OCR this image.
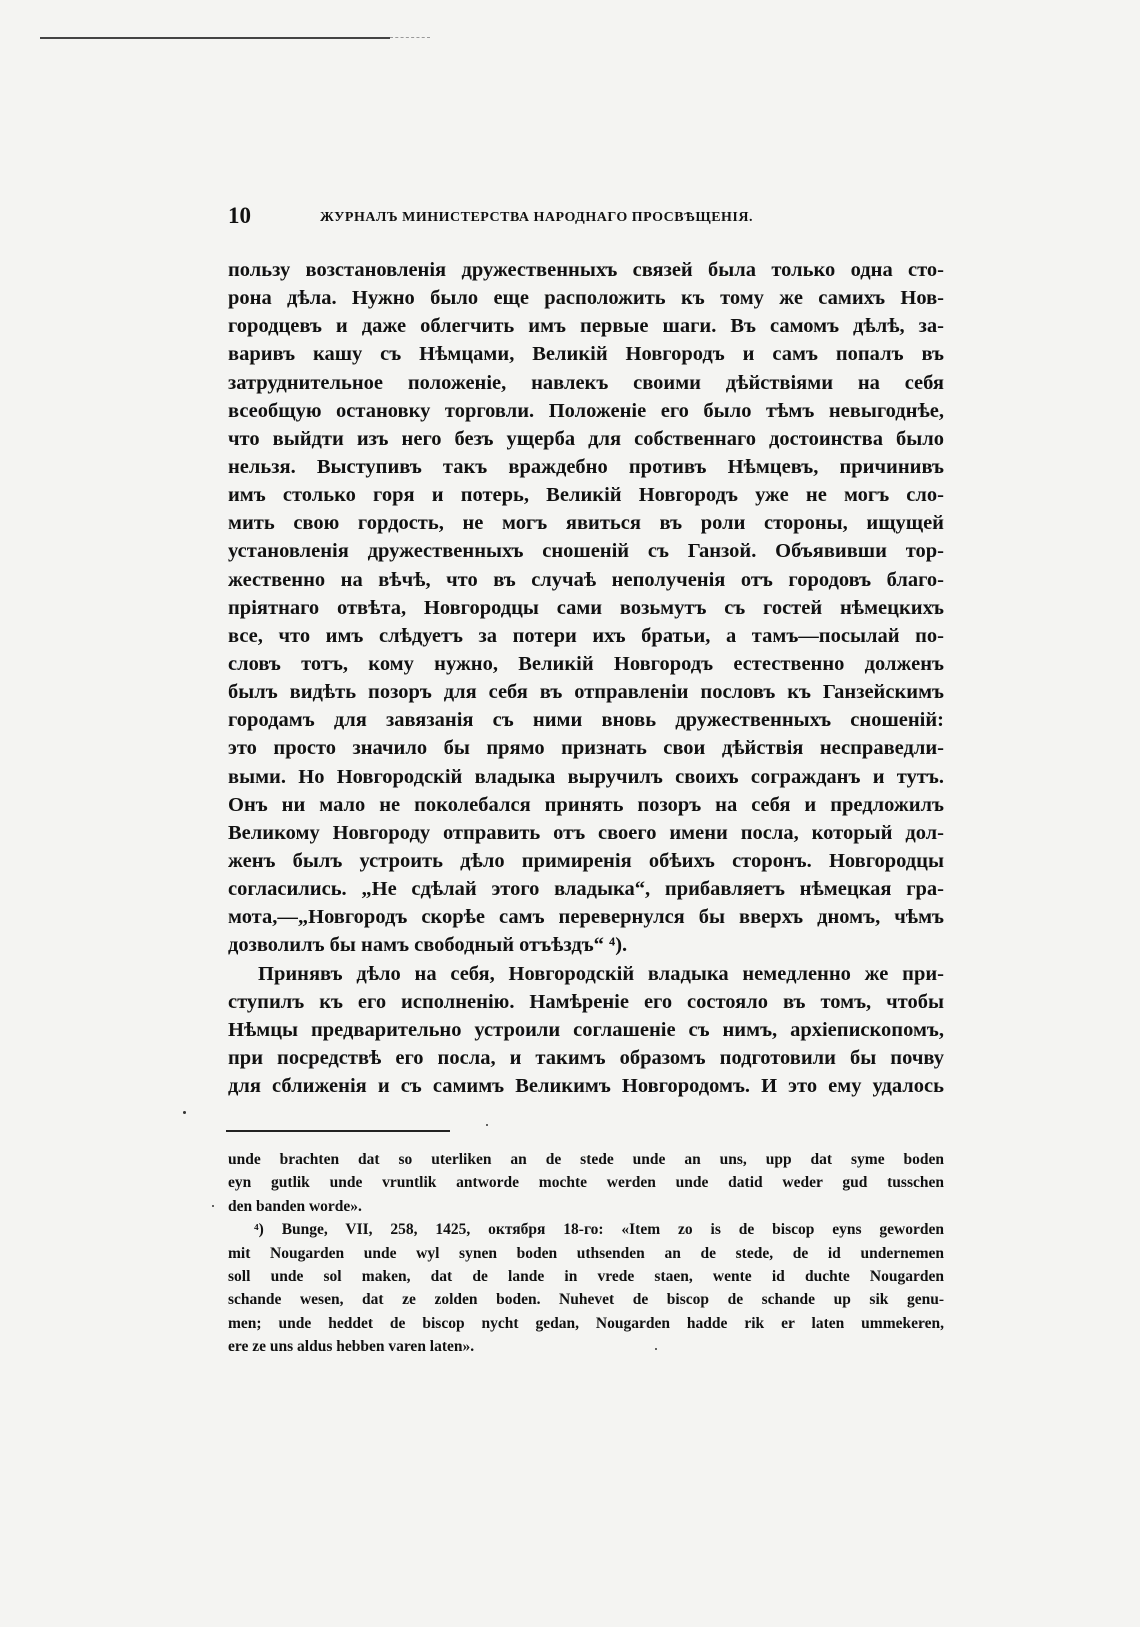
10	ЖУРНАЛЪ МИНИСТЕРСТВА НАРОДНАГО ПРОСВѢЩЕНІЯ.
пользу возстановленія дружественныхъ связей была только одна сто-
рона дѣла. Нужно было еще расположить къ тому же самихъ Нов-
городцевъ и даже облегчить имъ первые шаги. Въ самомъ дѣлѣ, за-
варивъ кашу съ Нѣмцами, Великій Новгородъ и самъ попалъ въ
затруднительное положеніе, навлекъ своими дѣйствіями на себя
всеобщую остановку торговли. Положеніе его было тѣмъ невыгоднѣе,
что выйдти изъ него безъ ущерба для собственнаго достоинства было
нельзя. Выступивъ такъ враждебно противъ Нѣмцевъ, причинивъ
имъ столько горя и потерь, Великій Новгородъ уже не могъ сло-
мить свою гордость, не могъ явиться въ роли стороны, ищущей
установленія дружественныхъ сношеній съ Ганзой. Объявивши тор-
жественно на вѣчѣ, что въ случаѣ неполученія отъ городовъ благо-
пріятнаго отвѣта, Новгородцы сами возьмутъ съ гостей нѣмецкихъ
все, что имъ слѣдуетъ за потери ихъ братьи, а тамъ—посылай по-
словъ тотъ, кому нужно, Великій Новгородъ естественно долженъ
былъ видѣть позоръ для себя въ отправленіи пословъ къ Ганзейскимъ
городамъ для завязанія съ ними вновь дружественныхъ сношеній:
это просто значило бы прямо признать свои дѣйствія несправедли-
выми. Но Новгородскій владыка выручилъ своихъ согражданъ и тутъ.
Онъ ни мало не поколебался принять позоръ на себя и предложилъ
Великому Новгороду отправить отъ своего имени посла, который дол-
женъ былъ устроить дѣло примиренія обѣихъ сторонъ. Новгородцы
согласились. „Не сдѣлай этого владыка“, прибавляетъ нѣмецкая гра-
мота,—„Новгородъ скорѣе самъ перевернулся бы вверхъ дномъ, чѣмъ
дозволилъ бы намъ свободный отъѣздъ“ ⁴).
Принявъ дѣло на себя, Новгородскій владыка немедленно же при-
ступилъ къ его исполненію. Намѣреніе его состояло въ томъ, чтобы
Нѣмцы предварительно устроили соглашеніе съ нимъ, архіепископомъ,
при посредствѣ его посла, и такимъ образомъ подготовили бы почву
для сближенія и съ самимъ Великимъ Новгородомъ. И это ему удалось
unde brachten dat so uterliken an de stede unde an uns, upp dat syme boden
eyn gutlik unde vruntlik antworde mochte werden unde datid weder gud tusschen
den banden worde».
⁴) Bunge, VII, 258, 1425, октября 18-го: «Item zo is de biscop eyns geworden
mit Nougarden unde wyl synen boden uthsenden an de stede, de id undernemen
soll unde sol maken, dat de lande in vrede staen, wente id duchte Nougarden
schande wesen, dat ze zolden boden. Nuhevet de biscop de schande up sik genu-
men; unde heddet de biscop nycht gedan, Nougarden hadde rik er laten ummekeren,
ere ze uns aldus hebben varen laten».
